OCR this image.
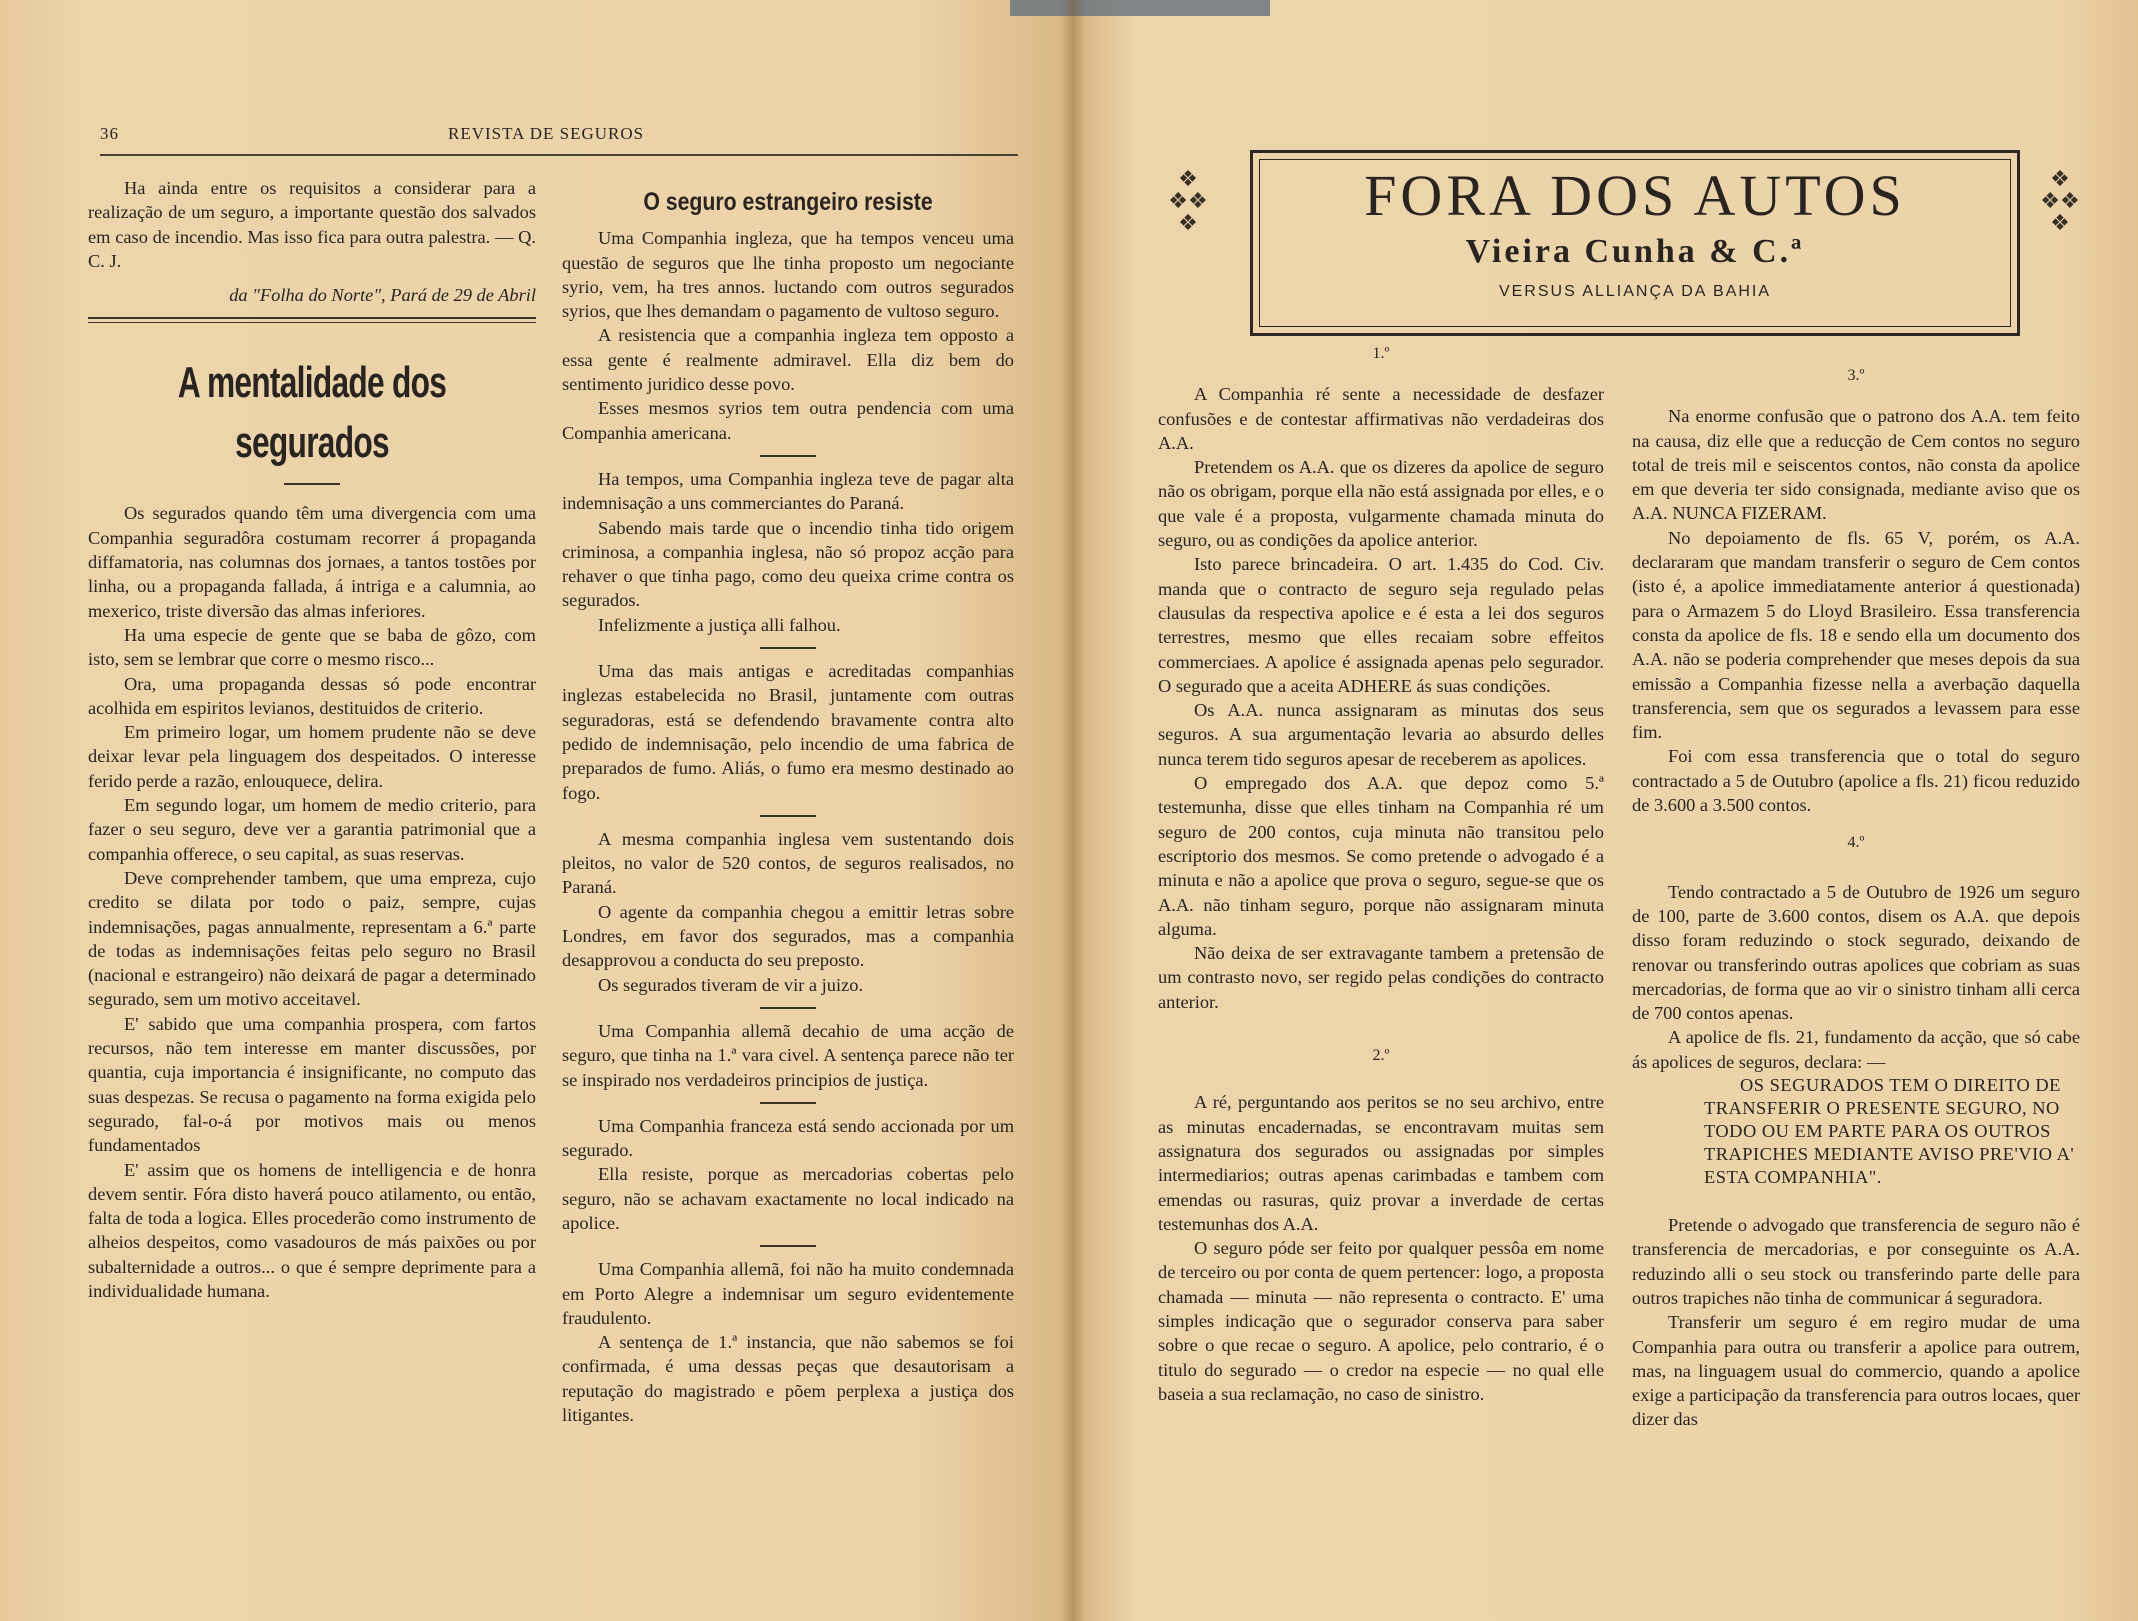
36	REVISTA DE SEGUROS

Ha ainda entre os requisitos a considerar para a realização de um seguro, a importante questão dos salvados em caso de incendio. Mas isso fica para outra palestra. — Q. C. J.

da "Folha do Norte", Pará de 29 de Abril

A mentalidade dos segurados

Os segurados quando têm uma divergencia com uma Companhia seguradôra costumam recorrer á propaganda diffamatoria, nas columnas dos jornaes, a tantos tostões por linha, ou a propaganda fallada, á intriga e a calumnia, ao mexerico, triste diversão das almas inferiores.

Ha uma especie de gente que se baba de gôzo, com isto, sem se lembrar que corre o mesmo risco...

Ora, uma propaganda dessas só pode encontrar acolhida em espiritos levianos, destituidos de criterio.

Em primeiro logar, um homem prudente não se deve deixar levar pela linguagem dos despeitados. O interesse ferido perde a razão, enlouquece, delira.

Em segundo logar, um homem de medio criterio, para fazer o seu seguro, deve ver a garantia patrimonial que a companhia offerece, o seu capital, as suas reservas.

Deve comprehender tambem, que uma empreza, cujo credito se dilata por todo o paiz, sempre, cujas indemnisações, pagas annualmente, representam a 6.ª parte de todas as indemnisações feitas pelo seguro no Brasil (nacional e estrangeiro) não deixará de pagar a determinado segurado, sem um motivo acceitavel.

E' sabido que uma companhia prospera, com fartos recursos, não tem interesse em manter discussões, por quantia, cuja importancia é insignificante, no computo das suas despezas. Se recusa o pagamento na forma exigida pelo segurado, fal-o-á por motivos mais ou menos fundamentados

E' assim que os homens de intelligencia e de honra devem sentir. Fóra disto haverá pouco atilamento, ou então, falta de toda a logica. Elles procederão como instrumento de alheios despeitos, como vasadouros de más paixões ou por subalternidade a outros... o que é sempre deprimente para a individualidade humana.

O seguro estrangeiro resiste

Uma Companhia ingleza, que ha tempos venceu uma questão de seguros que lhe tinha proposto um negociante syrio, vem, ha tres annos. luctando com outros segurados syrios, que lhes demandam o pagamento de vultoso seguro.

A resistencia que a companhia ingleza tem opposto a essa gente é realmente admiravel. Ella diz bem do sentimento juridico desse povo.

Esses mesmos syrios tem outra pendencia com uma Companhia americana.

Ha tempos, uma Companhia ingleza teve de pagar alta indemnisação a uns commerciantes do Paraná.

Sabendo mais tarde que o incendio tinha tido origem criminosa, a companhia inglesa, não só propoz acção para rehaver o que tinha pago, como deu queixa crime contra os segurados.

Infelizmente a justiça alli falhou.

Uma das mais antigas e acreditadas companhias inglezas estabelecida no Brasil, juntamente com outras seguradoras, está se defendendo bravamente contra alto pedido de indemnisação, pelo incendio de uma fabrica de preparados de fumo. Aliás, o fumo era mesmo destinado ao fogo.

A mesma companhia inglesa vem sustentando dois pleitos, no valor de 520 contos, de seguros realisados, no Paraná.

O agente da companhia chegou a emittir letras sobre Londres, em favor dos segurados, mas a companhia desapprovou a conducta do seu preposto.

Os segurados tiveram de vir a juizo.

Uma Companhia allemã decahio de uma acção de seguro, que tinha na 1.ª vara civel. A sentença parece não ter se inspirado nos verdadeiros principios de justiça.

Uma Companhia franceza está sendo accionada por um segurado.

Ella resiste, porque as mercadorias cobertas pelo seguro, não se achavam exactamente no local indicado na apolice.

Uma Companhia allemã, foi não ha muito condemnada em Porto Alegre a indemnisar um seguro evidentemente fraudulento.

A sentença de 1.ª instancia, que não sabemos se foi confirmada, é uma dessas peças que desautorisam a reputação do magistrado e põem perplexa a justiça dos litigantes.

❖
❖❖
❖	FORA DOS AUTOS
Vieira Cunha & C.ª
VERSUS ALLIANÇA DA BAHIA
❖
❖❖
❖
1.º

A Companhia ré sente a necessidade de desfazer confusões e de contestar affirmativas não verdadeiras dos A.A.

Pretendem os A.A. que os dizeres da apolice de seguro não os obrigam, porque ella não está assignada por elles, e o que vale é a proposta, vulgarmente chamada minuta do seguro, ou as condições da apolice anterior.

Isto parece brincadeira. O art. 1.435 do Cod. Civ. manda que o contracto de seguro seja regulado pelas clausulas da respectiva apolice e é esta a lei dos seguros terrestres, mesmo que elles recaiam sobre effeitos commerciaes. A apolice é assignada apenas pelo segurador. O segurado que a aceita ADHERE ás suas condições.

Os A.A. nunca assignaram as minutas dos seus seguros. A sua argumentação levaria ao absurdo delles nunca terem tido seguros apesar de receberem as apolices.

O empregado dos A.A. que depoz como 5.ª testemunha, disse que elles tinham na Companhia ré um seguro de 200 contos, cuja minuta não transitou pelo escriptorio dos mesmos. Se como pretende o advogado é a minuta e não a apolice que prova o seguro, segue-se que os A.A. não tinham seguro, porque não assignaram minuta alguma.

Não deixa de ser extravagante tambem a pretensão de um contrasto novo, ser regido pelas condições do contracto anterior.

2.º

A ré, perguntando aos peritos se no seu archivo, entre as minutas encadernadas, se encontravam muitas sem assignatura dos segurados ou assignadas por simples intermediarios; outras apenas carimbadas e tambem com emendas ou rasuras, quiz provar a inverdade de certas testemunhas dos A.A.

O seguro póde ser feito por qualquer pessôa em nome de terceiro ou por conta de quem pertencer: logo, a proposta chamada — minuta — não representa o contracto. E' uma simples indicação que o segurador conserva para saber sobre o que recae o seguro. A apolice, pelo contrario, é o titulo do segurado — o credor na especie — no qual elle baseia a sua reclamação, no caso de sinistro.

3.º

Na enorme confusão que o patrono dos A.A. tem feito na causa, diz elle que a reducção de Cem contos no seguro total de treis mil e seiscentos contos, não consta da apolice em que deveria ter sido consignada, mediante aviso que os A.A. NUNCA FIZERAM.

No depoiamento de fls. 65 V, porém, os A.A. declararam que mandam transferir o seguro de Cem contos (isto é, a apolice immediatamente anterior á questionada) para o Armazem 5 do Lloyd Brasileiro. Essa transferencia consta da apolice de fls. 18 e sendo ella um documento dos A.A. não se poderia comprehender que meses depois da sua emissão a Companhia fizesse nella a averbação daquella transferencia, sem que os segurados a levassem para esse fim.

Foi com essa transferencia que o total do seguro contractado a 5 de Outubro (apolice a fls. 21) ficou reduzido de 3.600 a 3.500 contos.

4.º

Tendo contractado a 5 de Outubro de 1926 um seguro de 100, parte de 3.600 contos, disem os A.A. que depois disso foram reduzindo o stock segurado, deixando de renovar ou transferindo outras apolices que cobriam as suas mercadorias, de forma que ao vir o sinistro tinham alli cerca de 700 contos apenas.

A apolice de fls. 21, fundamento da acção, que só cabe ás apolices de seguros, declara: —

OS SEGURADOS TEM O DIREITO DE TRANSFERIR O PRESENTE SEGURO, NO TODO OU EM PARTE PARA OS OUTROS TRAPICHES MEDIANTE AVISO PRE'VIO A' ESTA COMPANHIA".

Pretende o advogado que transferencia de seguro não é transferencia de mercadorias, e por conseguinte os A.A. reduzindo alli o seu stock ou transferindo parte delle para outros trapiches não tinha de communicar á seguradora.

Transferir um seguro é em regiro mudar de uma Companhia para outra ou transferir a apolice para outrem, mas, na linguagem usual do commercio, quando a apolice exige a participação da transferencia para outros locaes, quer dizer das
